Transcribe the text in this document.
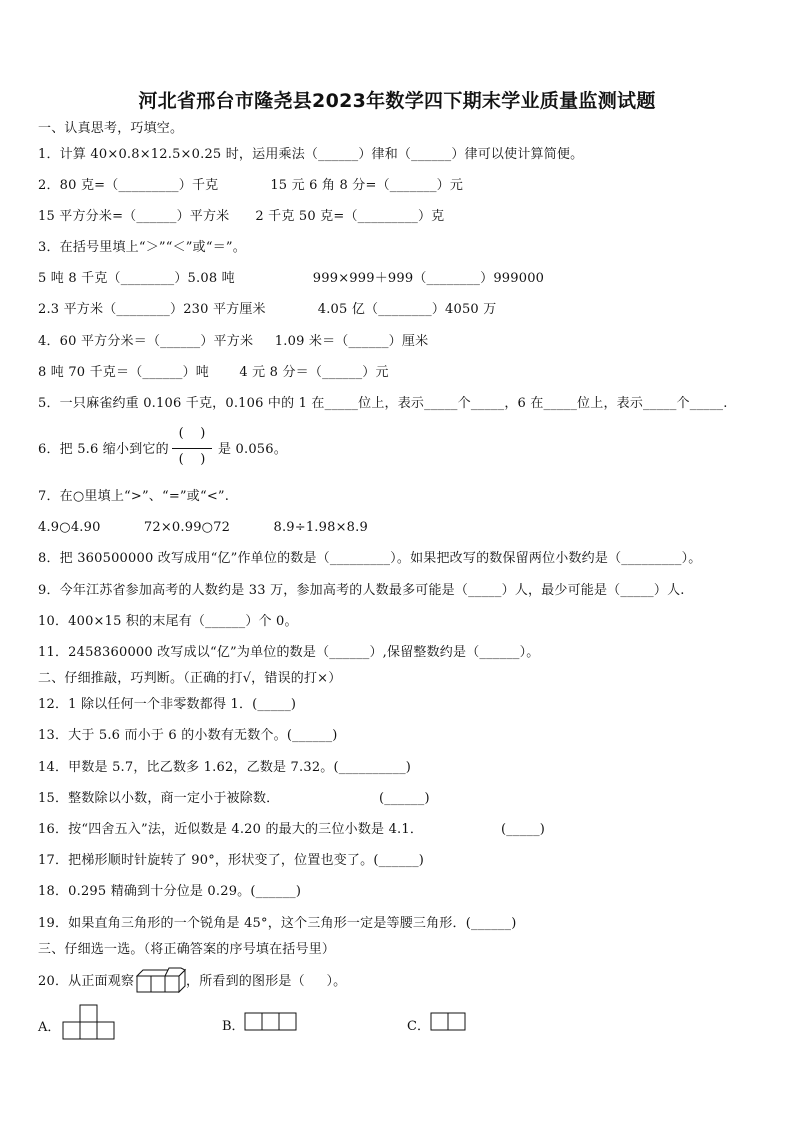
河北省邢台市隆尧县2023年数学四下期末学业质量监测试题
一、认真思考，巧填空。
1．计算 40×0.8×12.5×0.25 时，运用乘法（______）律和（______）律可以使计算简便。
2．80 克=（_________）千克            15 元 6 角 8 分=（_______）元
15 平方分米=（______）平方米      2 千克 50 克=（_________）克
3．在括号里填上“＞”“＜”或“＝”。
5 吨 8 千克（________）5.08 吨                  999×999＋999（________）999000
2.3 平方米（________）230 平方厘米            4.05 亿（________）4050 万
4．60 平方分米＝（______）平方米     1.09 米＝（______）厘米
8 吨 70 千克＝（______）吨       4 元 8 分＝（______）元
5．一只麻雀约重 0.106 千克，0.106 中的 1 在_____位上，表示_____个_____，6 在_____位上，表示_____个_____.
6．把 5.6 缩小到它的
(    )
(    )
是 0.056。
7．在○里填上“>”、“=”或“<”.
4.9○4.90          72×0.99○72          8.9÷1.98×8.9
8．把 360500000 改写成用“亿”作单位的数是（_________）。如果把改写的数保留两位小数约是（_________）。
9．今年江苏省参加高考的人数约是 33 万，参加高考的人数最多可能是（_____）人，最少可能是（_____）人.
10．400×15 积的末尾有（______）个 0。
11．2458360000 改写成以“亿”为单位的数是（______）,保留整数约是（______）。
二、仔细推敲，巧判断。（正确的打√，错误的打×）
12．1 除以任何一个非零数都得 1．(_____)
13．大于 5.6 而小于 6 的小数有无数个。(______)
14．甲数是 5.7，比乙数多 1.62，乙数是 7.32。(__________)
15．整数除以小数，商一定小于被除数．                       (______)
16．按“四舍五入”法，近似数是 4.20 的最大的三位小数是 4.1．                  (_____)
17．把梯形顺时针旋转了 90°，形状变了，位置也变了。(______)
18．0.295 精确到十分位是 0.29。(______)
19．如果直角三角形的一个锐角是 45°，这个三角形一定是等腰三角形．(______)
三、仔细选一选。（将正确答案的序号填在括号里）
20．从正面观察	，所看到的图形是（     ）。
A．	B．	C．
